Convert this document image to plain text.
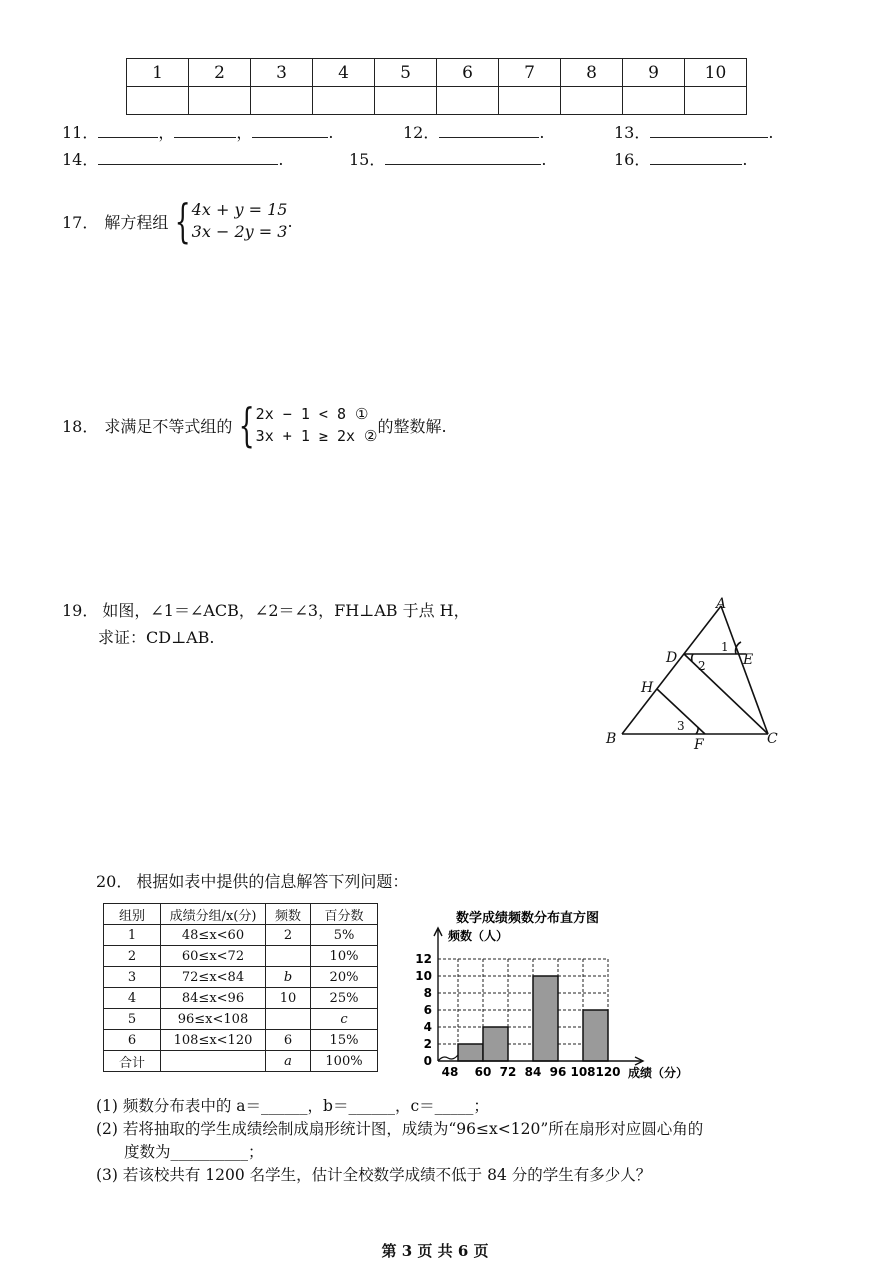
1	2	3	4	5	6	7	8	9	10

11．	，	，	.	12．	.	13．	.
14．	.	15．	.	16．	.
17． 解方程组 { 4x + y = 15
3x − 2y = 3
.
18． 求满足不等式组的 { 2x − 1 < 8 ①
3x + 1 ≥ 2x ②
的整数解.
19． 如图，∠1＝∠ACB，∠2＝∠3，FH⊥AB 于点 H，
求证：CD⊥AB.
A
B	C
D	E
F
H
1
2
3
20． 根据如表中提供的信息解答下列问题：
组别	成绩分组/x(分)	频数	百分数
1	48≤x<60	2	5%
2	60≤x<72		10%
3	72≤x<84	b	20%
4	84≤x<96	10	25%
5	96≤x<108		c
6	108≤x<120	6	15%
合计		a	100%
数学成绩频数分布直方图
频数（人）
成绩（分）
0
2
4
6
8
10
12
48 60 72 84 96 108 120
(1) 频数分布表中的 a＝______，b＝______，c＝_____；
(2) 若将抽取的学生成绩绘制成扇形统计图，成绩为“96≤x<120”所在扇形对应圆心角的
度数为__________；
(3) 若该校共有 1200 名学生，估计全校数学成绩不低于 84 分的学生有多少人？
第 3 页 共 6 页
